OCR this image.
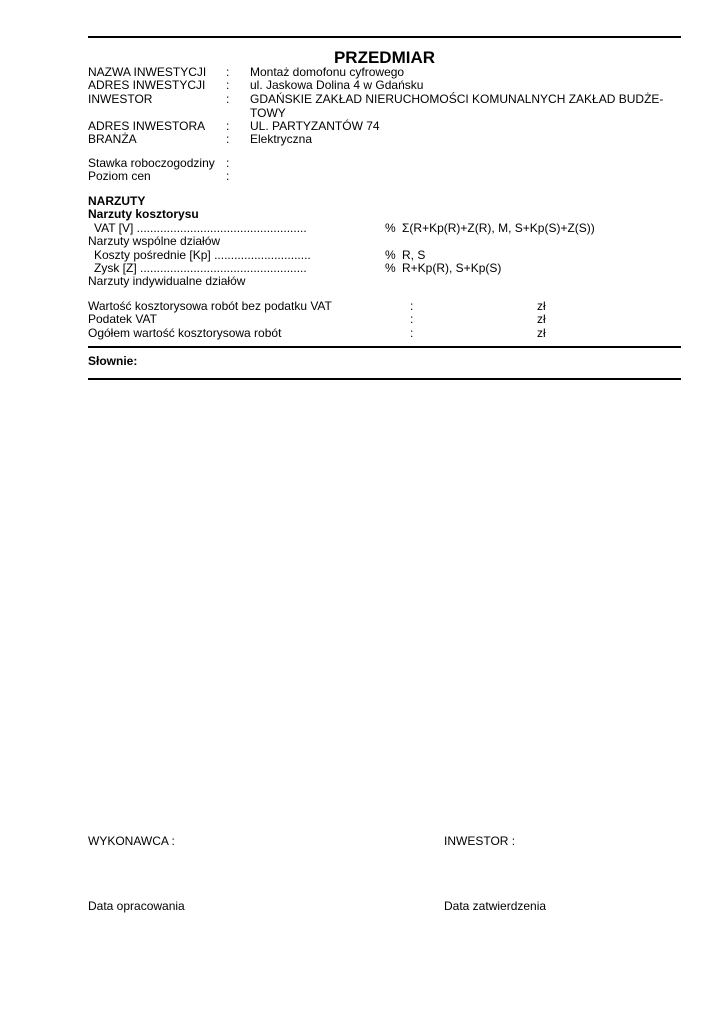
PRZEDMIAR
NAZWA INWESTYCJI : Montaż domofonu cyfrowego
ADRES INWESTYCJI : ul. Jaskowa Dolina 4 w Gdańsku
INWESTOR	: GDAŃSKIE ZAKŁAD NIERUCHOMOŚCI KOMUNALNYCH ZAKŁAD BUDŻE-TOWY
ADRES INWESTORA : UL. PARTYZANTÓW 74
BRANŻA	: Elektryczna
Stawka roboczogodziny :
Poziom cen	:
NARZUTY
Narzuty kosztorysu
VAT [V] ...................................................	% Σ(R+Kp(R)+Z(R), M, S+Kp(S)+Z(S))
Narzuty wspólne działów
Koszty pośrednie [Kp] .............................	% R, S
Zysk [Z] ..................................................	% R+Kp(R), S+Kp(S)
Narzuty indywidualne działów
Wartość kosztorysowa robót bez podatku VAT	:	zł
Podatek VAT	:	zł
Ogółem wartość kosztorysowa robót	:	zł
Słownie:
WYKONAWCA :	INWESTOR :
Data opracowania	Data zatwierdzenia
